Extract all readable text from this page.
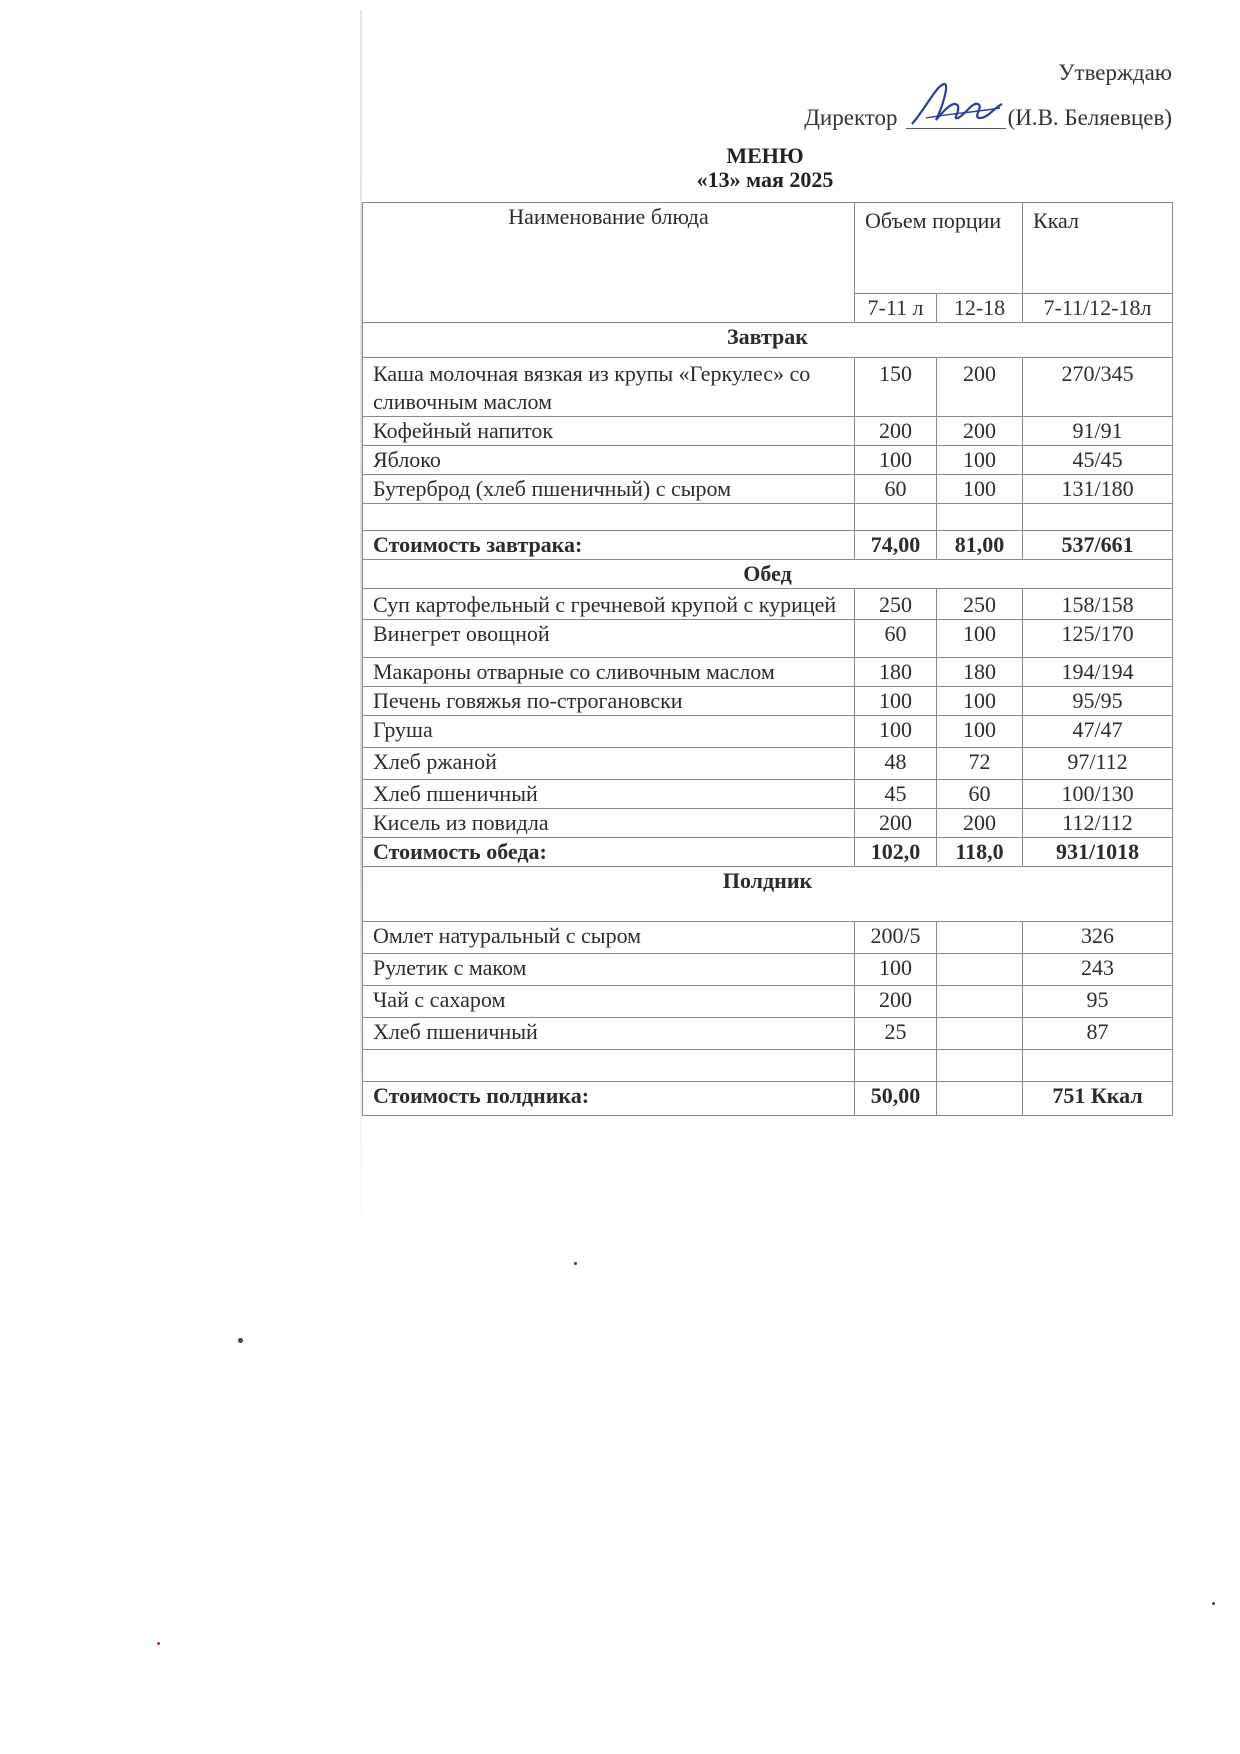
Утверждаю
Директор	(И.В. Беляевцев)
МЕНЮ
«13» мая 2025
Наименование блюда	Объем порции		Ккал
	7-11 л	12-18	7-11/12-18л
Завтрак			
Каша молочная вязкая из крупы «Геркулес» со сливочным маслом	150	200	270/345
Кофейный напиток	200	200	91/91
Яблоко	100	100	45/45
Бутерброд (хлеб пшеничный) с сыром	60	100	131/180

Стоимость завтрака:	74,00	81,00	537/661
Обед			
Суп картофельный с гречневой крупой с курицей	250	250	158/158
Винегрет овощной	60	100	125/170
Макароны отварные со сливочным маслом	180	180	194/194
Печень говяжья по-строгановски	100	100	95/95
Груша	100	100	47/47
Хлеб ржаной	48	72	97/112
Хлеб пшеничный	45	60	100/130
Кисель из повидла	200	200	112/112
Стоимость обеда:	102,0	118,0	931/1018
Полдник			
Омлет натуральный с сыром	200/5		326
Рулетик с маком	100		243
Чай с сахаром	200		95
Хлеб пшеничный	25		87

Стоимость полдника:	50,00		751 Ккал
